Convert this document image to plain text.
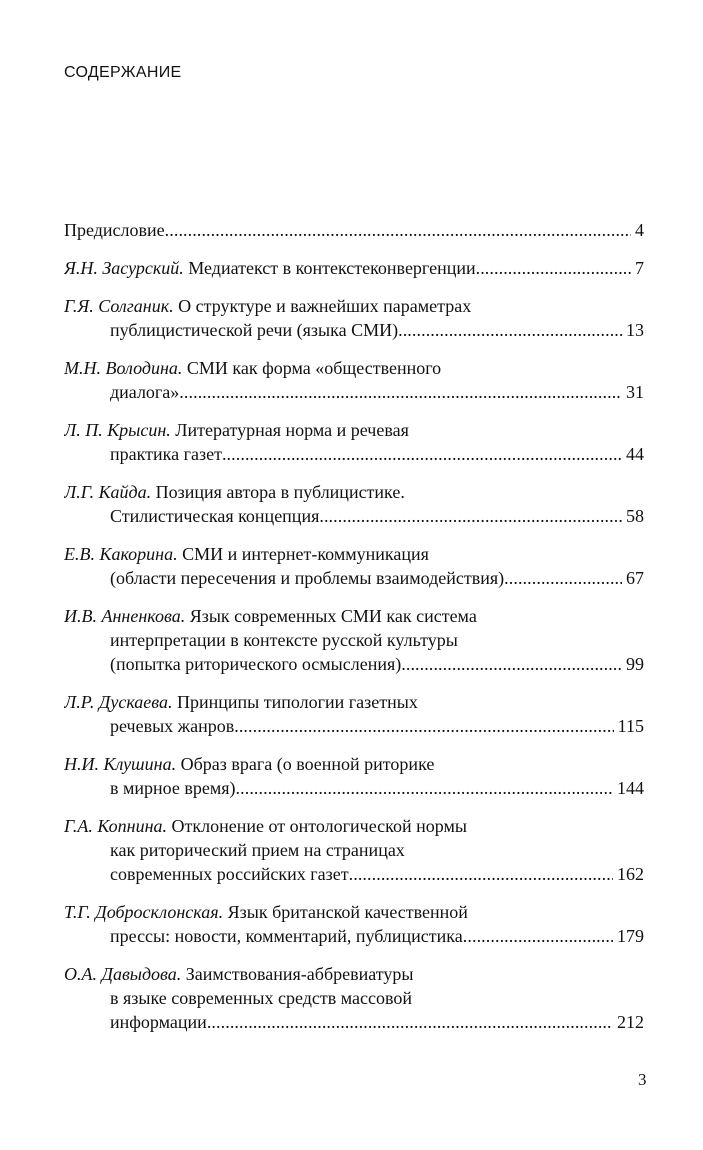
СОДЕРЖАНИЕ
Предисловие . . .	4
Я.Н. Засурский. Медиатекст в контекстеконвергенции . . .	7
Г.Я. Солганик. О структуре и важнейших параметрах
публицистической речи (языка СМИ) . . .	13
М.Н. Володина. СМИ как форма «общественного
диалога» . . .	31
Л. П. Крысин. Литературная норма и речевая
практика газет . . .	44
Л.Г. Кайда. Позиция автора в публицистике.
Стилистическая концепция . . .	58
Е.В. Какорина. СМИ и интернет-коммуникация
(области пересечения и проблемы взаимодействия) . . .	67
И.В. Анненкова. Язык современных СМИ как система
интерпретации в контексте русской культуры
(попытка риторического осмысления) . . .	99
Л.Р. Дускаева. Принципы типологии газетных
речевых жанров . . .	115
Н.И. Клушина. Образ врага (о военной риторике
в мирное время) . . .	144
Г.А. Копнина. Отклонение от онтологической нормы
как риторический прием на страницах
современных российских газет . . .	162
Т.Г. Добросклонская. Язык британской качественной
прессы: новости, комментарий, публицистика . . .	179
О.А. Давыдова. Заимствования-аббревиатуры
в языке современных средств массовой
информации . . .	212
3
